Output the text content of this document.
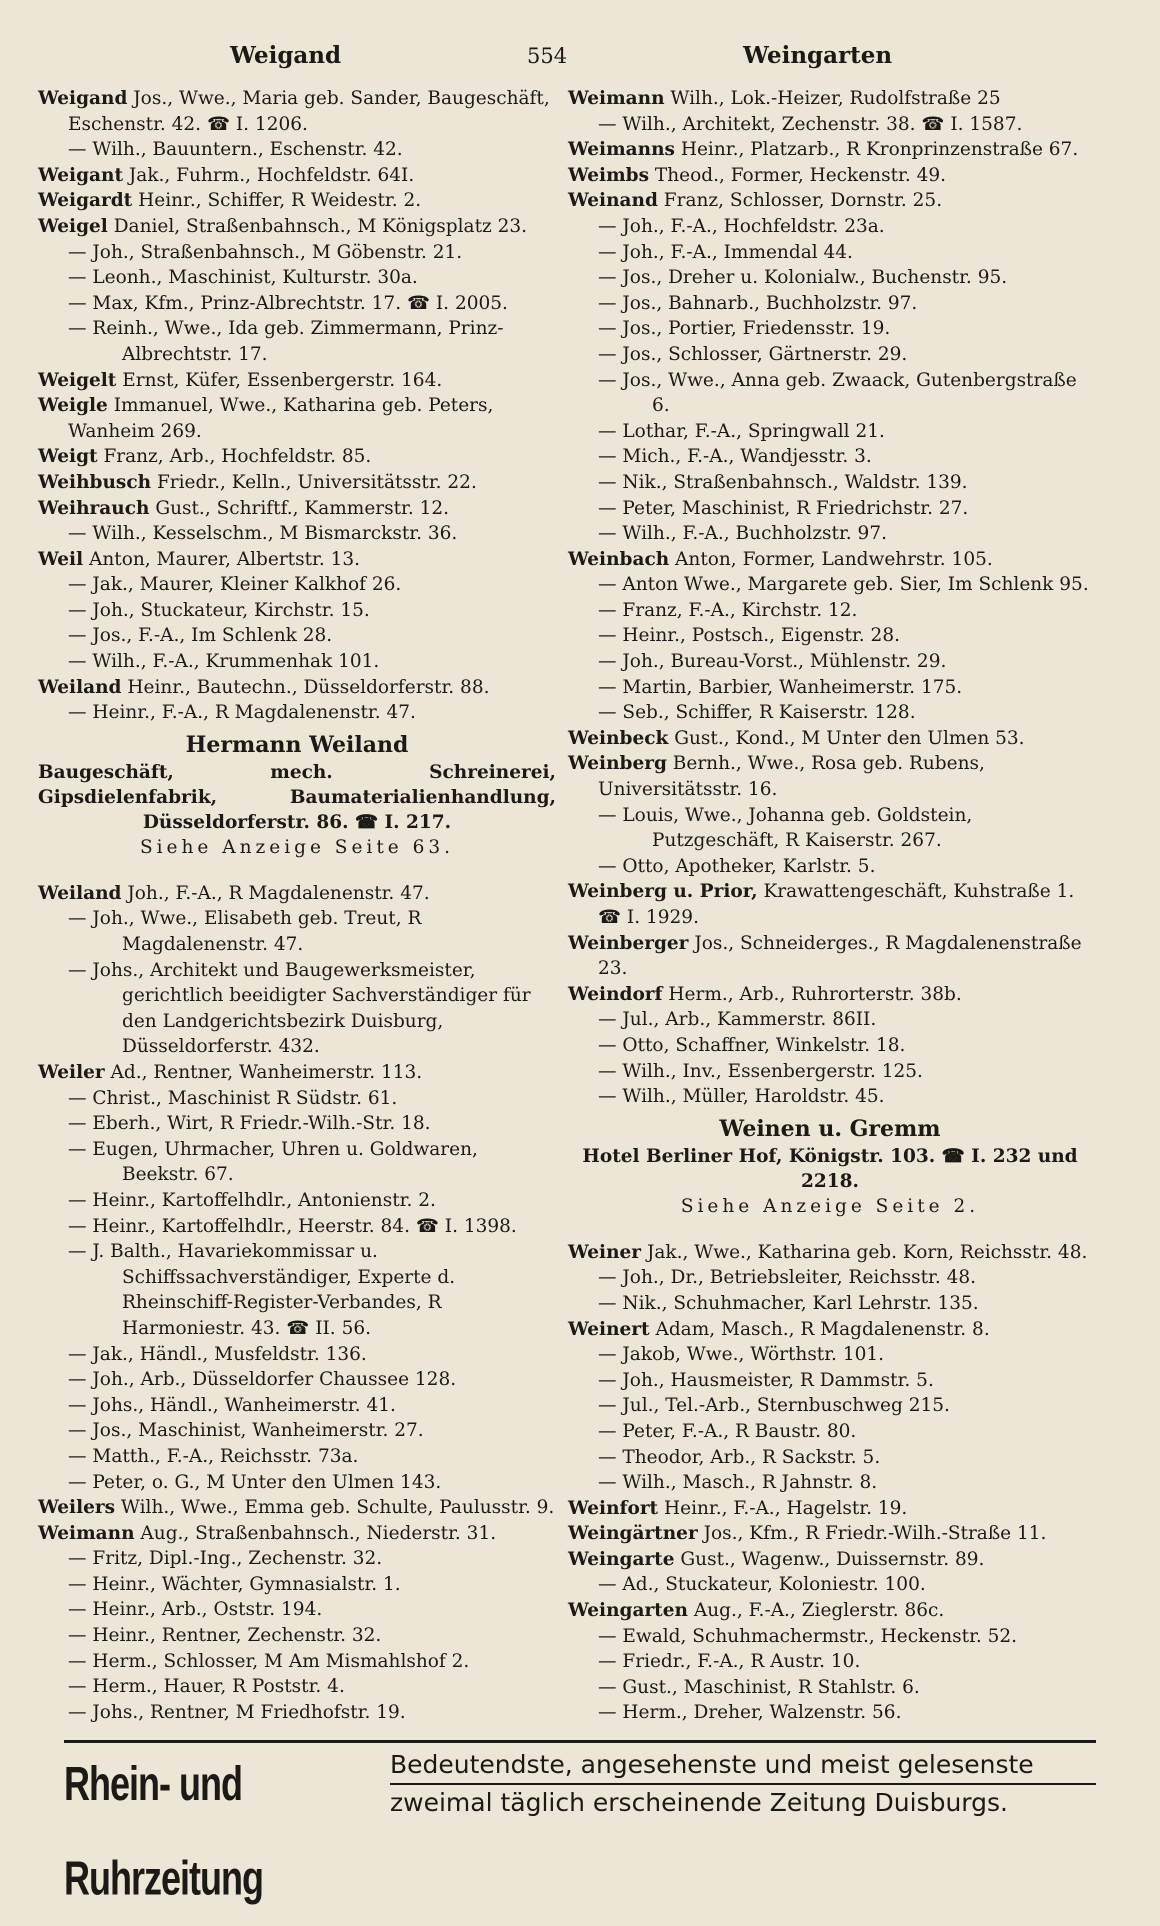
Weigand	554	Weingarten

Weigand Jos., Wwe., Maria geb. Sander, Baugeschäft, Eschenstr. 42. ☎ I. 1206.

— Wilh., Bauuntern., Eschenstr. 42.

Weigant Jak., Fuhrm., Hochfeldstr. 64I.

Weigardt Heinr., Schiffer, R Weidestr. 2.

Weigel Daniel, Straßenbahnsch., M Königsplatz 23.

— Joh., Straßenbahnsch., M Göbenstr. 21.

— Leonh., Maschinist, Kulturstr. 30a.

— Max, Kfm., Prinz-Albrechtstr. 17. ☎ I. 2005.

— Reinh., Wwe., Ida geb. Zimmermann, Prinz-Albrechtstr. 17.

Weigelt Ernst, Küfer, Essenbergerstr. 164.

Weigle Immanuel, Wwe., Katharina geb. Peters, Wanheim 269.

Weigt Franz, Arb., Hochfeldstr. 85.

Weihbusch Friedr., Kelln., Universitätsstr. 22.

Weihrauch Gust., Schriftf., Kammerstr. 12.

— Wilh., Kesselschm., M Bismarckstr. 36.

Weil Anton, Maurer, Albertstr. 13.

— Jak., Maurer, Kleiner Kalkhof 26.

— Joh., Stuckateur, Kirchstr. 15.

— Jos., F.-A., Im Schlenk 28.

— Wilh., F.-A., Krummenhak 101.

Weiland Heinr., Bautechn., Düsseldorferstr. 88.

— Heinr., F.-A., R Magdalenenstr. 47.

Hermann Weiland
Baugeschäft, mech. Schreinerei, Gipsdielenfabrik, Baumaterialienhandlung, Düsseldorferstr. 86. ☎ I. 217.
Siehe Anzeige Seite 63.

Weiland Joh., F.-A., R Magdalenenstr. 47.

— Joh., Wwe., Elisabeth geb. Treut, R Magdalenenstr. 47.

— Johs., Architekt und Baugewerksmeister, gerichtlich beeidigter Sachverständiger für den Landgerichtsbezirk Duisburg, Düsseldorferstr. 432.

Weiler Ad., Rentner, Wanheimerstr. 113.

— Christ., Maschinist R Südstr. 61.

— Eberh., Wirt, R Friedr.-Wilh.-Str. 18.

— Eugen, Uhrmacher, Uhren u. Goldwaren, Beekstr. 67.

— Heinr., Kartoffelhdlr., Antonienstr. 2.

— Heinr., Kartoffelhdlr., Heerstr. 84. ☎ I. 1398.

— J. Balth., Havariekommissar u. Schiffssachverständiger, Experte d. Rheinschiff-Register-Verbandes, R Harmoniestr. 43. ☎ II. 56.

— Jak., Händl., Musfeldstr. 136.

— Joh., Arb., Düsseldorfer Chaussee 128.

— Johs., Händl., Wanheimerstr. 41.

— Jos., Maschinist, Wanheimerstr. 27.

— Matth., F.-A., Reichsstr. 73a.

— Peter, o. G., M Unter den Ulmen 143.

Weilers Wilh., Wwe., Emma geb. Schulte, Paulusstr. 9.

Weimann Aug., Straßenbahnsch., Niederstr. 31.

— Fritz, Dipl.-Ing., Zechenstr. 32.

— Heinr., Wächter, Gymnasialstr. 1.

— Heinr., Arb., Oststr. 194.

— Heinr., Rentner, Zechenstr. 32.

— Herm., Schlosser, M Am Mismahlshof 2.

— Herm., Hauer, R Poststr. 4.

— Johs., Rentner, M Friedhofstr. 19.

Weimann Wilh., Lok.-Heizer, Rudolfstraße 25

— Wilh., Architekt, Zechenstr. 38. ☎ I. 1587.

Weimanns Heinr., Platzarb., R Kronprinzenstraße 67.

Weimbs Theod., Former, Heckenstr. 49.

Weinand Franz, Schlosser, Dornstr. 25.

— Joh., F.-A., Hochfeldstr. 23a.

— Joh., F.-A., Immendal 44.

— Jos., Dreher u. Kolonialw., Buchenstr. 95.

— Jos., Bahnarb., Buchholzstr. 97.

— Jos., Portier, Friedensstr. 19.

— Jos., Schlosser, Gärtnerstr. 29.

— Jos., Wwe., Anna geb. Zwaack, Gutenbergstraße 6.

— Lothar, F.-A., Springwall 21.

— Mich., F.-A., Wandjesstr. 3.

— Nik., Straßenbahnsch., Waldstr. 139.

— Peter, Maschinist, R Friedrichstr. 27.

— Wilh., F.-A., Buchholzstr. 97.

Weinbach Anton, Former, Landwehrstr. 105.

— Anton Wwe., Margarete geb. Sier, Im Schlenk 95.

— Franz, F.-A., Kirchstr. 12.

— Heinr., Postsch., Eigenstr. 28.

— Joh., Bureau-Vorst., Mühlenstr. 29.

— Martin, Barbier, Wanheimerstr. 175.

— Seb., Schiffer, R Kaiserstr. 128.

Weinbeck Gust., Kond., M Unter den Ulmen 53.

Weinberg Bernh., Wwe., Rosa geb. Rubens, Universitätsstr. 16.

— Louis, Wwe., Johanna geb. Goldstein, Putzgeschäft, R Kaiserstr. 267.

— Otto, Apotheker, Karlstr. 5.

Weinberg u. Prior, Krawattengeschäft, Kuhstraße 1. ☎ I. 1929.

Weinberger Jos., Schneiderges., R Magdalenenstraße 23.

Weindorf Herm., Arb., Ruhrorterstr. 38b.

— Jul., Arb., Kammerstr. 86II.

— Otto, Schaffner, Winkelstr. 18.

— Wilh., Inv., Essenbergerstr. 125.

— Wilh., Müller, Haroldstr. 45.

Weinen u. Gremm
Hotel Berliner Hof, Königstr. 103. ☎ I. 232 und 2218.
Siehe Anzeige Seite 2.

Weiner Jak., Wwe., Katharina geb. Korn, Reichsstr. 48.

— Joh., Dr., Betriebsleiter, Reichsstr. 48.

— Nik., Schuhmacher, Karl Lehrstr. 135.

Weinert Adam, Masch., R Magdalenenstr. 8.

— Jakob, Wwe., Wörthstr. 101.

— Joh., Hausmeister, R Dammstr. 5.

— Jul., Tel.-Arb., Sternbuschweg 215.

— Peter, F.-A., R Baustr. 80.

— Theodor, Arb., R Sackstr. 5.

— Wilh., Masch., R Jahnstr. 8.

Weinfort Heinr., F.-A., Hagelstr. 19.

Weingärtner Jos., Kfm., R Friedr.-Wilh.-Straße 11.

Weingarte Gust., Wagenw., Duissernstr. 89.

— Ad., Stuckateur, Koloniestr. 100.

Weingarten Aug., F.-A., Zieglerstr. 86c.

— Ewald, Schuhmachermstr., Heckenstr. 52.

— Friedr., F.-A., R Austr. 10.

— Gust., Maschinist, R Stahlstr. 6.

— Herm., Dreher, Walzenstr. 56.

Rhein- und Ruhrzeitung
Bedeutendste, angesehenste und meist gelesenste
zweimal täglich erscheinende Zeitung Duisburgs.
